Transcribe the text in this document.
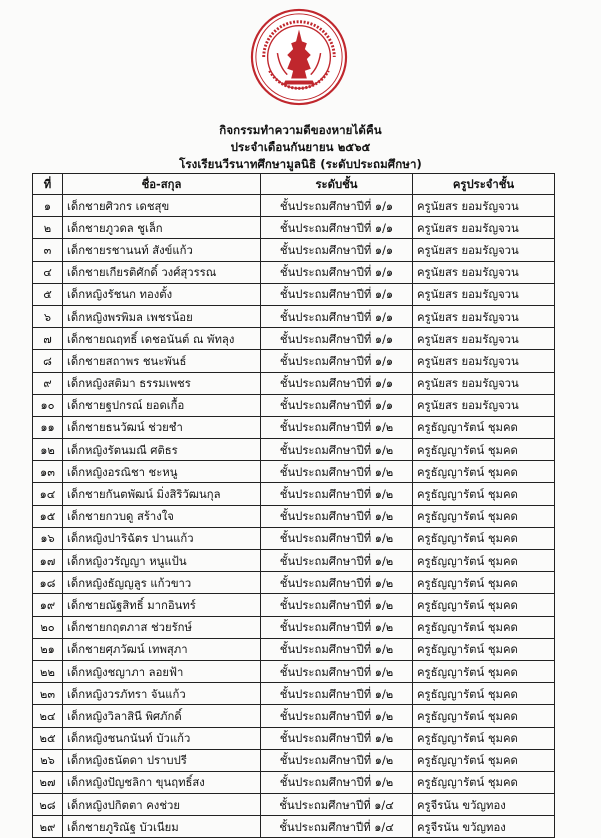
กิจกรรมทำความดีของหายได้คืน
ประจำเดือนกันยายน ๒๕๖๕
โรงเรียนวีรนาทศึกษามูลนิธิ (ระดับประถมศึกษา)
ที่	ชื่อ-สกุล	ระดับชั้น	ครูประจำชั้น
๑	เด็กชายศิวกร เดชสุข	ชั้นประถมศึกษาปีที่ ๑/๑	ครูนัยสร ยอมรัญจวน
๒	เด็กชายภูวดล ชูเล็ก	ชั้นประถมศึกษาปีที่ ๑/๑	ครูนัยสร ยอมรัญจวน
๓	เด็กชายรชานนท์ สังข์แก้ว	ชั้นประถมศึกษาปีที่ ๑/๑	ครูนัยสร ยอมรัญจวน
๔	เด็กชายเกียรติศักดิ์ วงศ์สุวรรณ	ชั้นประถมศึกษาปีที่ ๑/๑	ครูนัยสร ยอมรัญจวน
๕	เด็กหญิงรัชนก ทองตั้ง	ชั้นประถมศึกษาปีที่ ๑/๑	ครูนัยสร ยอมรัญจวน
๖	เด็กหญิงพรพิมล เพชรน้อย	ชั้นประถมศึกษาปีที่ ๑/๑	ครูนัยสร ยอมรัญจวน
๗	เด็กชายณฤทธิ์ เดชอนันต์ ณ พัทลุง	ชั้นประถมศึกษาปีที่ ๑/๑	ครูนัยสร ยอมรัญจวน
๘	เด็กชายสถาพร ชนะพันธ์	ชั้นประถมศึกษาปีที่ ๑/๑	ครูนัยสร ยอมรัญจวน
๙	เด็กหญิงสติมา ธรรมเพชร	ชั้นประถมศึกษาปีที่ ๑/๑	ครูนัยสร ยอมรัญจวน
๑๐	เด็กชายฐปกรณ์ ยอดเกื้อ	ชั้นประถมศึกษาปีที่ ๑/๑	ครูนัยสร ยอมรัญจวน
๑๑	เด็กชายธนวัฒน์ ช่วยชำ	ชั้นประถมศึกษาปีที่ ๑/๒	ครูธัญญารัตน์ ชุมคด
๑๒	เด็กหญิงรัตนมณี ศติธร	ชั้นประถมศึกษาปีที่ ๑/๒	ครูธัญญารัตน์ ชุมคด
๑๓	เด็กหญิงอรณิชา ชะหนู	ชั้นประถมศึกษาปีที่ ๑/๒	ครูธัญญารัตน์ ชุมคด
๑๔	เด็กชายกันตพัฒน์ มิ่งสิริวัฒนกุล	ชั้นประถมศึกษาปีที่ ๑/๒	ครูธัญญารัตน์ ชุมคด
๑๕	เด็กชายกวบดู สร้างใจ	ชั้นประถมศึกษาปีที่ ๑/๒	ครูธัญญารัตน์ ชุมคด
๑๖	เด็กหญิงปาริฉัตร ปานแก้ว	ชั้นประถมศึกษาปีที่ ๑/๒	ครูธัญญารัตน์ ชุมคด
๑๗	เด็กหญิงวรัญญา หนูแป้น	ชั้นประถมศึกษาปีที่ ๑/๒	ครูธัญญารัตน์ ชุมคด
๑๘	เด็กหญิงธัญญลูร แก้วขาว	ชั้นประถมศึกษาปีที่ ๑/๒	ครูธัญญารัตน์ ชุมคด
๑๙	เด็กชายณัฐสิทธิ์ มากอินทร์	ชั้นประถมศึกษาปีที่ ๑/๒	ครูธัญญารัตน์ ชุมคด
๒๐	เด็กชายกฤตภาส ช่วยรักษ์	ชั้นประถมศึกษาปีที่ ๑/๒	ครูธัญญารัตน์ ชุมคด
๒๑	เด็กชายศุภวัฒน์ เทพสุภา	ชั้นประถมศึกษาปีที่ ๑/๒	ครูธัญญารัตน์ ชุมคด
๒๒	เด็กหญิงชญาภา ลอยฟ้า	ชั้นประถมศึกษาปีที่ ๑/๒	ครูธัญญารัตน์ ชุมคด
๒๓	เด็กหญิงวรภัทรา จันแก้ว	ชั้นประถมศึกษาปีที่ ๑/๒	ครูธัญญารัตน์ ชุมคด
๒๔	เด็กหญิงวิลาสินี พิศภักดิ์	ชั้นประถมศึกษาปีที่ ๑/๒	ครูธัญญารัตน์ ชุมคด
๒๕	เด็กหญิงชนกนันท์ บัวแก้ว	ชั้นประถมศึกษาปีที่ ๑/๒	ครูธัญญารัตน์ ชุมคด
๒๖	เด็กหญิงธนัตดา ปราบปรี	ชั้นประถมศึกษาปีที่ ๑/๒	ครูธัญญารัตน์ ชุมคด
๒๗	เด็กหญิงปัญชลิกา ขุนฤทธิ์สง	ชั้นประถมศึกษาปีที่ ๑/๒	ครูธัญญารัตน์ ชุมคด
๒๘	เด็กหญิงปกิตตา คงช่วย	ชั้นประถมศึกษาปีที่ ๑/๔	ครูจีรนัน ขวัญทอง
๒๙	เด็กชายภูริณัฐ บัวเนียม	ชั้นประถมศึกษาปีที่ ๑/๔	ครูจีรนัน ขวัญทอง
